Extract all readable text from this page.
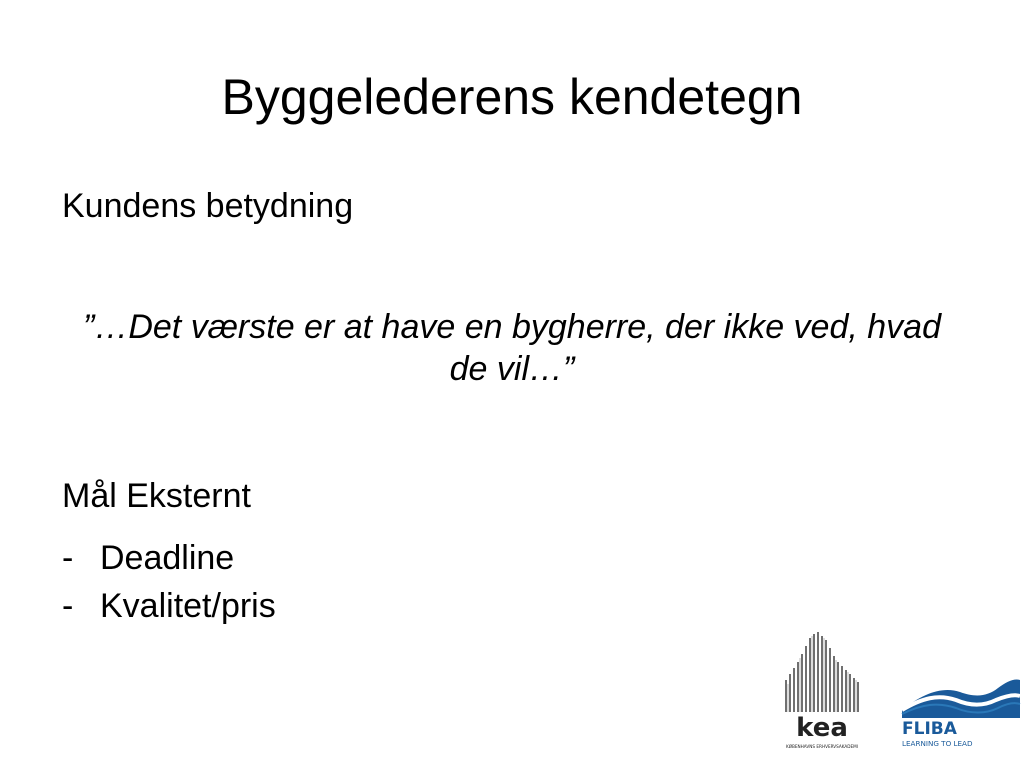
Byggelederens kendetegn

Kundens betydning

”…Det værste er at have en bygherre, der ikke ved, hvad de vil…”

Mål Eksternt

- Deadline
- Kvalitet/pris
kea
KØBENHAVNS ERHVERVSAKADEMI
FLIBA
LEARNING TO LEAD
